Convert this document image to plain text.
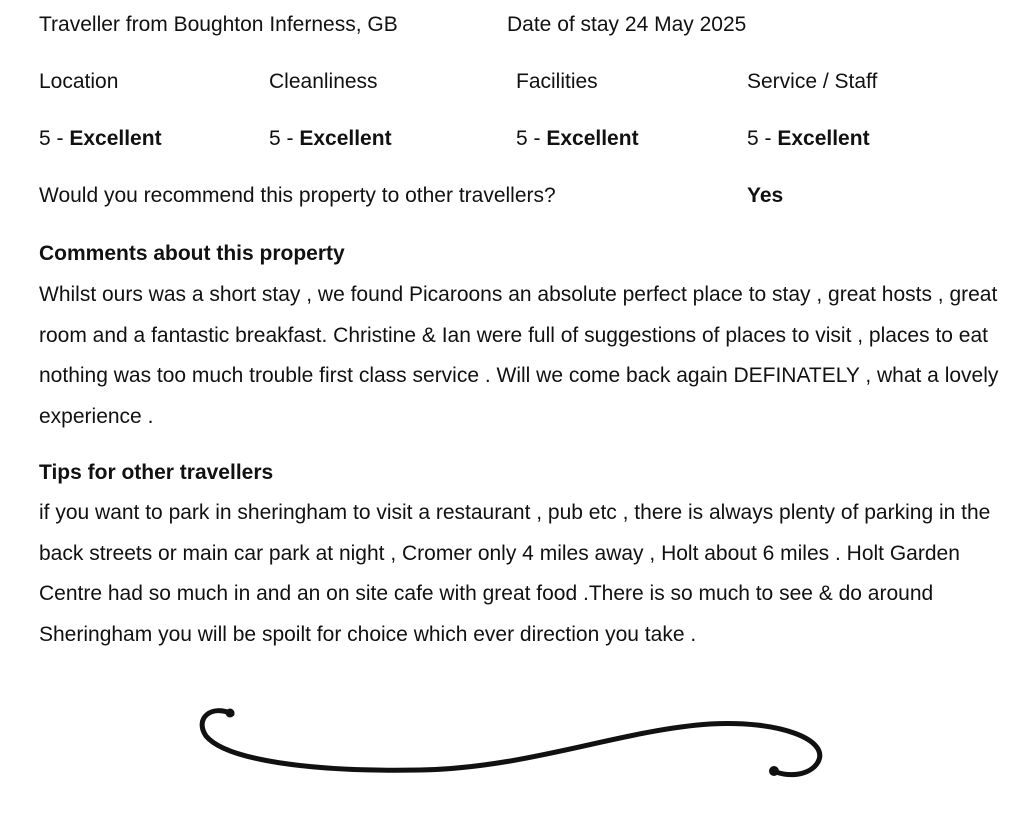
Traveller from Boughton Inferness, GB	Date of stay 24 May 2025
Location	Cleanliness	Facilities	Service / Staff
5 - Excellent	5 - Excellent	5 - Excellent	5 - Excellent
Would you recommend this property to other travellers?	Yes
Comments about this property

Whilst ours was a short stay , we found Picaroons an absolute perfect place to stay , great hosts , great room and a fantastic breakfast. Christine & Ian were full of suggestions of places to visit , places to eat nothing was too much trouble first class service . Will we come back again DEFINATELY , what a lovely experience .

Tips for other travellers

if you want to park in sheringham to visit a restaurant , pub etc , there is always plenty of parking in the back streets or main car park at night , Cromer only 4 miles away , Holt about 6 miles . Holt Garden Centre had so much in and an on site cafe with great food .There is so much to see & do around Sheringham you will be spoilt for choice which ever direction you take .
